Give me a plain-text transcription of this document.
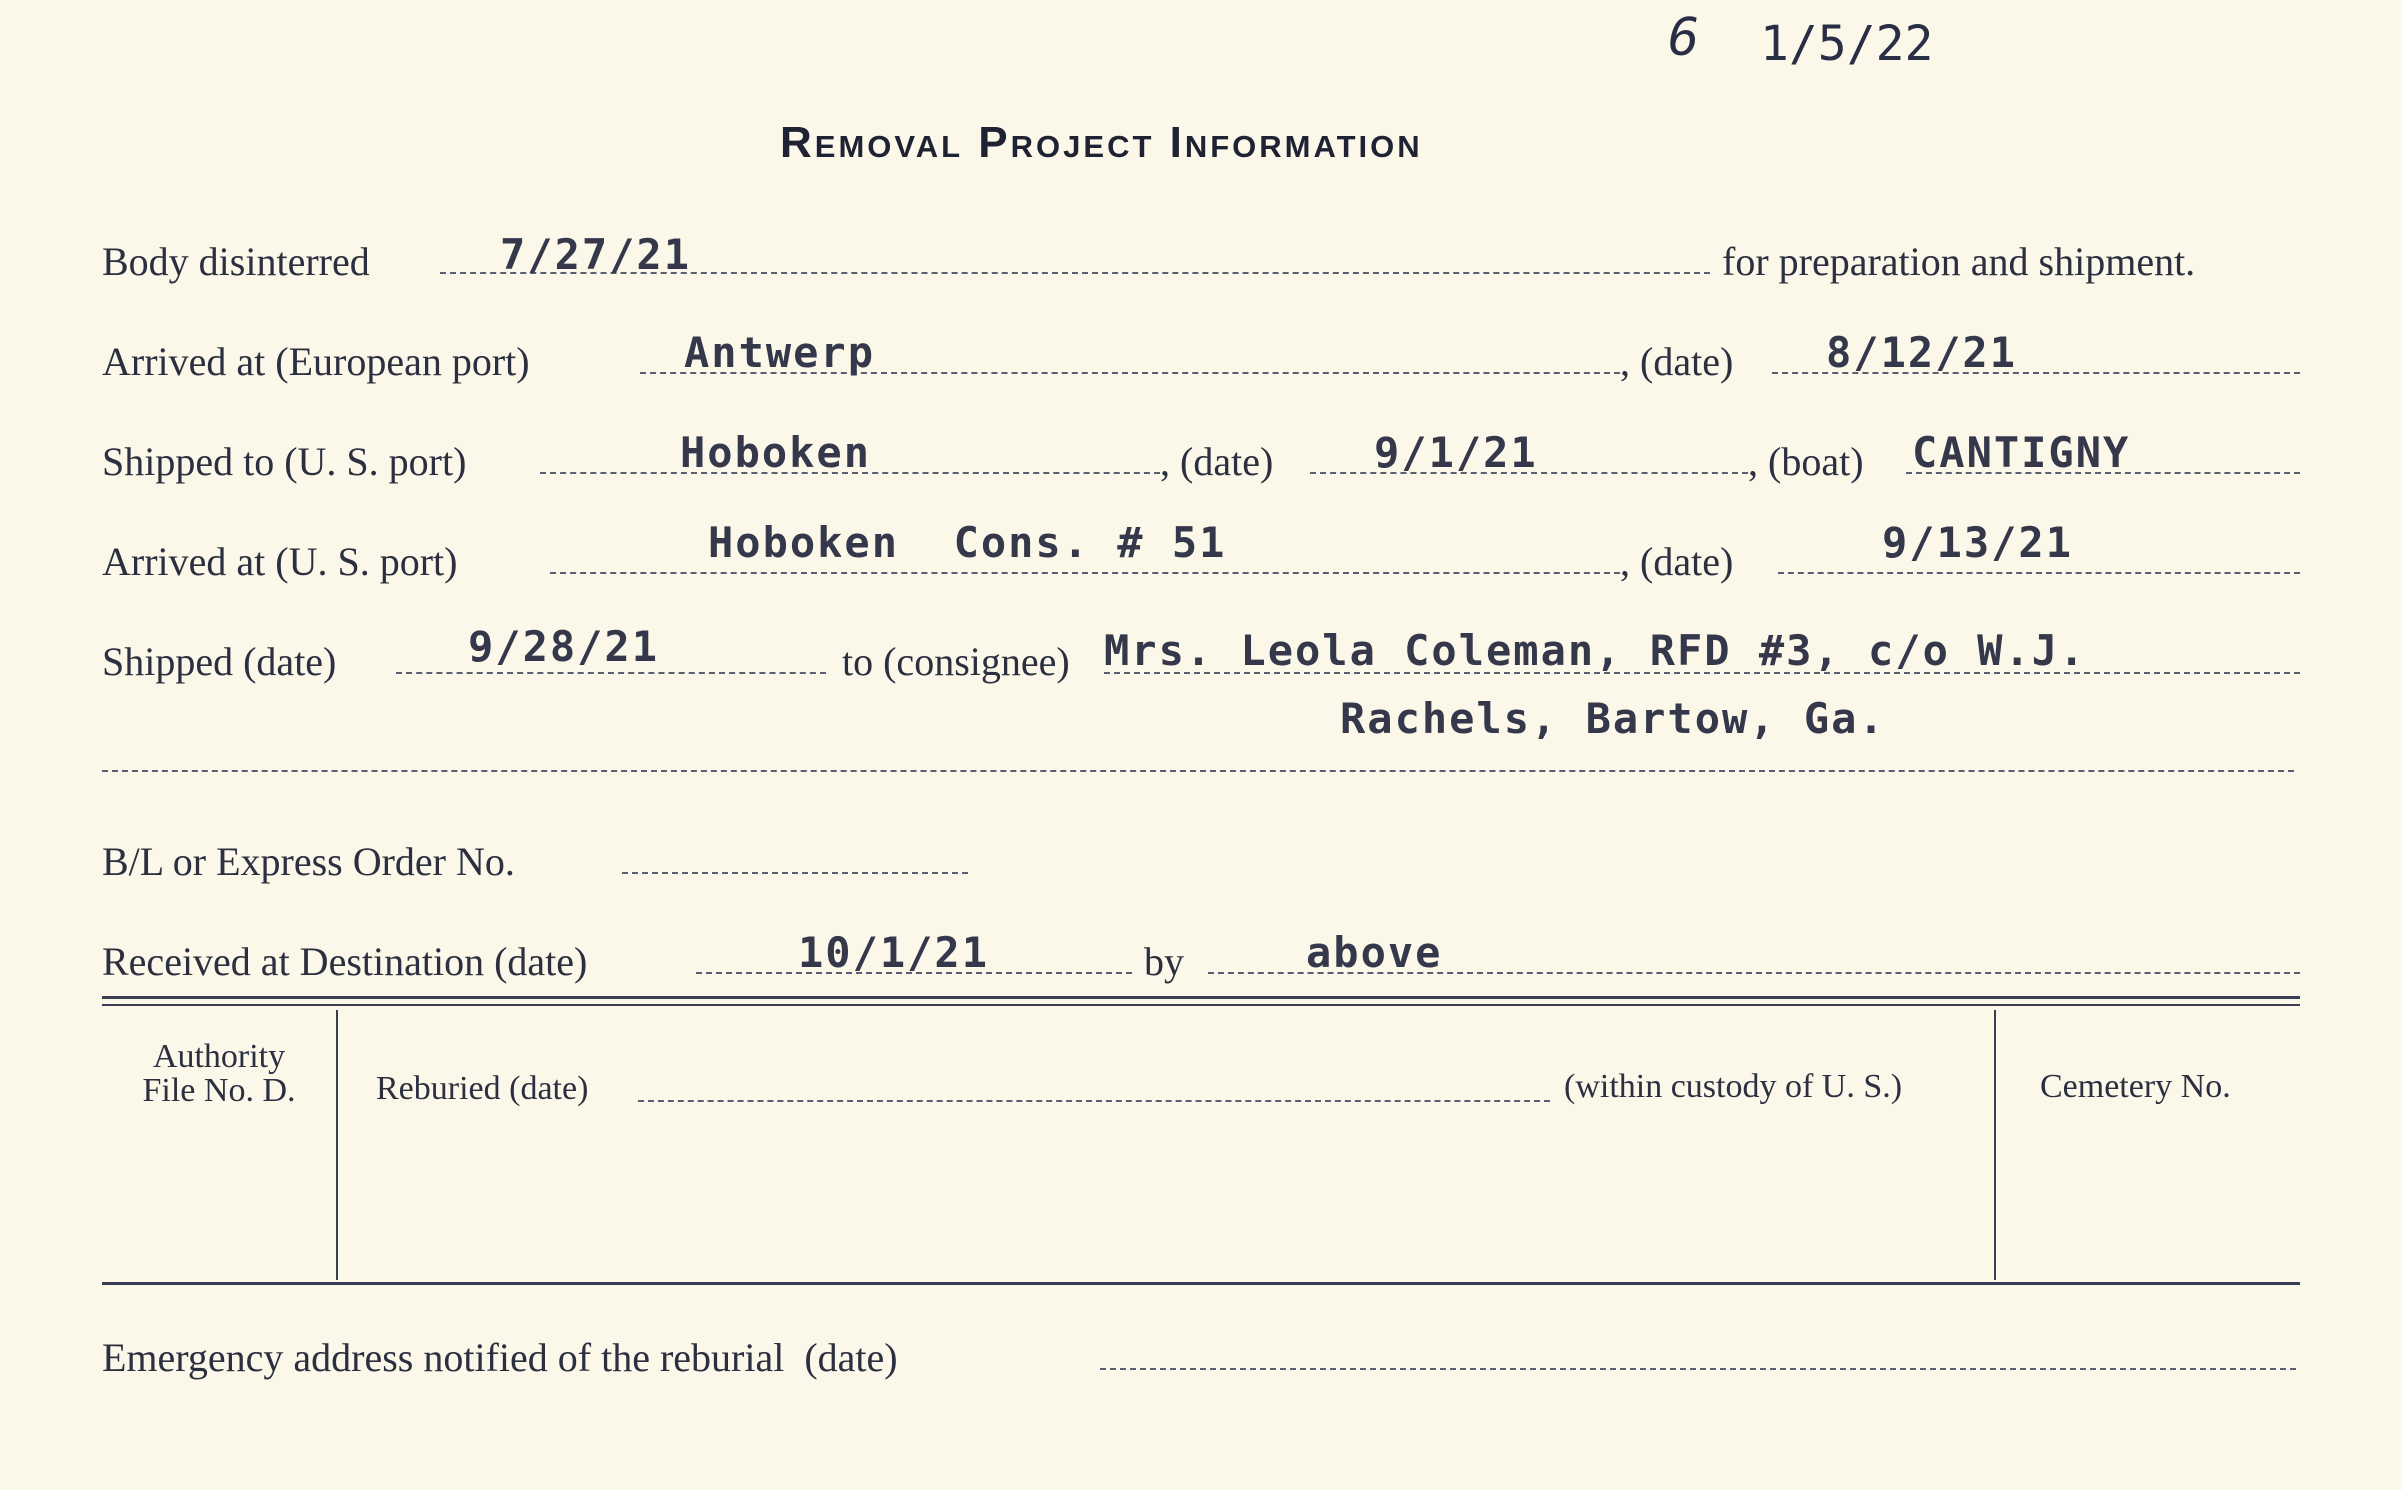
6 1/5/22
Removal Project Information
Body disinterred	7/27/21	for preparation and shipment.
Arrived at (European port)	Antwerp	, (date) 8/12/21
Shipped to (U. S. port)	Hoboken	, (date) 9/1/21	, (boat) CANTIGNY
Arrived at (U. S. port)	Hoboken  Cons. # 51	, (date)	9/13/21
Shipped (date)	9/28/21	to (consignee) Mrs. Leola Coleman, RFD #3, c/o W.J.
Rachels, Bartow, Ga.
B/L or Express Order No.
Received at Destination (date)	10/1/21	by	above
Authority
File No. D.	Reburied (date)	(within custody of U. S.)	Cemetery No.
Emergency address notified of the reburial  (date)
